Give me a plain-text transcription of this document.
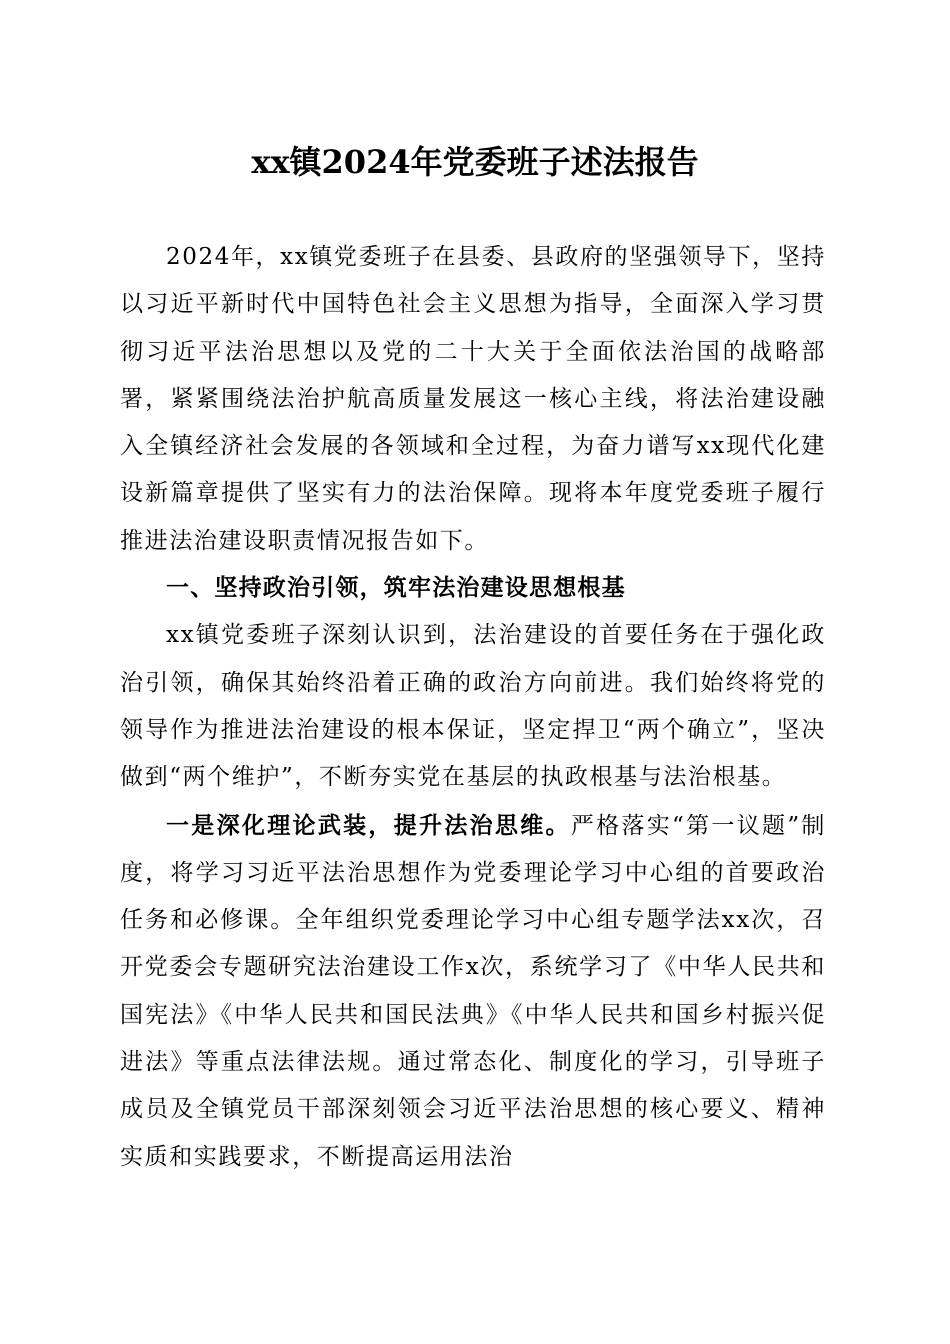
xx镇2024年党委班子述法报告

2024年，xx镇党委班子在县委、县政府的坚强领导下，坚持以习近平新时代中国特色社会主义思想为指导，全面深入学习贯彻习近平法治思想以及党的二十大关于全面依法治国的战略部署，紧紧围绕法治护航高质量发展这一核心主线，将法治建设融入全镇经济社会发展的各领域和全过程，为奋力谱写xx现代化建设新篇章提供了坚实有力的法治保障。现将本年度党委班子履行推进法治建设职责情况报告如下。

一、坚持政治引领，筑牢法治建设思想根基

xx镇党委班子深刻认识到，法治建设的首要任务在于强化政治引领，确保其始终沿着正确的政治方向前进。我们始终将党的领导作为推进法治建设的根本保证，坚定捍卫“两个确立”，坚决做到“两个维护”，不断夯实党在基层的执政根基与法治根基。

一是深化理论武装，提升法治思维。严格落实“第一议题”制度，将学习习近平法治思想作为党委理论学习中心组的首要政治任务和必修课。全年组织党委理论学习中心组专题学法xx次，召开党委会专题研究法治建设工作x次，系统学习了《中华人民共和国宪法》《中华人民共和国民法典》《中华人民共和国乡村振兴促进法》等重点法律法规。通过常态化、制度化的学习，引导班子成员及全镇党员干部深刻领会习近平法治思想的核心要义、精神实质和实践要求，不断提高运用法治
